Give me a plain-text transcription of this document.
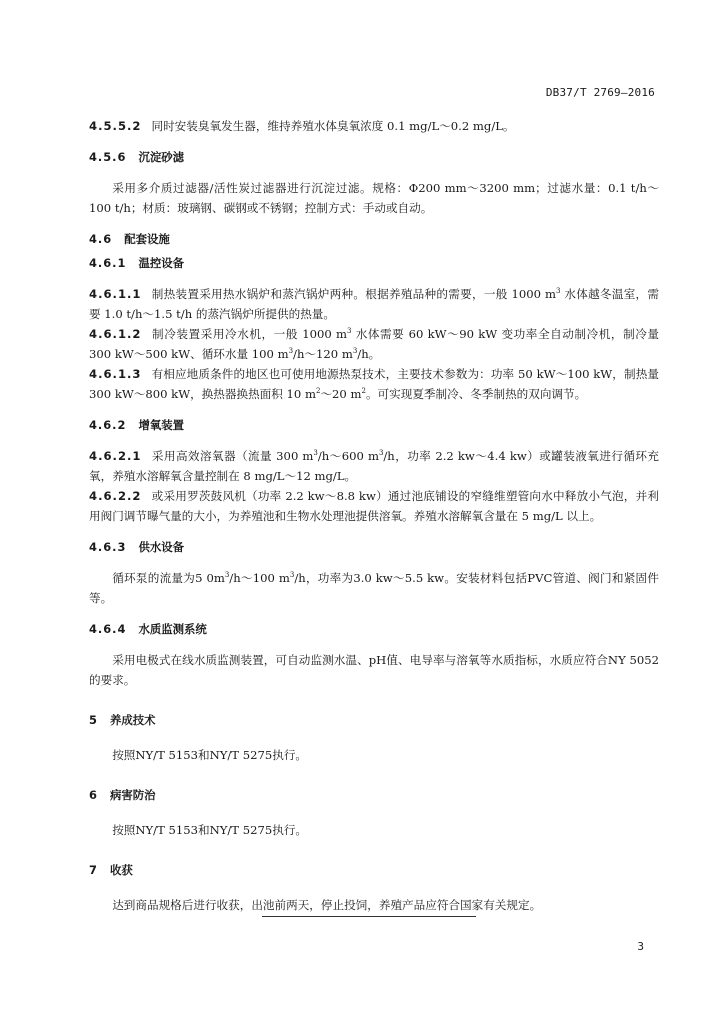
DB37/T 2769—2016

4.5.5.2 同时安装臭氧发生器，维持养殖水体臭氧浓度 0.1 mg/L～0.2 mg/L。

4.5.6 沉淀砂滤

采用多介质过滤器/活性炭过滤器进行沉淀过滤。规格：Φ200 mm～3200 mm；过滤水量：0.1 t/h～100 t/h；材质：玻璃钢、碳钢或不锈钢；控制方式：手动或自动。

4.6 配套设施

4.6.1 温控设备

4.6.1.1 制热装置采用热水锅炉和蒸汽锅炉两种。根据养殖品种的需要，一般 1000 $m^3$ 水体越冬温室，需要 1.0 t/h～1.5 t/h 的蒸汽锅炉所提供的热量。

4.6.1.2 制冷装置采用冷水机，一般 1000 $m^3$ 水体需要 60 kW～90 kW 变功率全自动制冷机，制冷量 300 kW～500 kW、循环水量 100 $m^3/h\sim 120$ $m^3/h$。

4.6.1.3 有相应地质条件的地区也可使用地源热泵技术，主要技术参数为：功率 50 kW～100 kW，制热量 300 kW～800 kW，换热器换热面积 10 $m^2\sim 20$ $m^2$。可实现夏季制冷、冬季制热的双向调节。

4.6.2 增氧装置

4.6.2.1 采用高效溶氧器（流量 300 $m^3/h\sim 600$ $m^3/h$，功率 2.2 kw～4.4 kw）或罐装液氧进行循环充氧，养殖水溶解氧含量控制在 8 mg/L～12 mg/L。

4.6.2.2 或采用罗茨鼓风机（功率 2.2 kw～8.8 kw）通过池底铺设的窄缝维塑管向水中释放小气泡，并利用阀门调节曝气量的大小，为养殖池和生物水处理池提供溶氧。养殖水溶解氧含量在 5 mg/L 以上。

4.6.3 供水设备

循环泵的流量为5 $0m^3/h\sim 100$ $m^3/h$，功率为3.0 kw～5.5 kw。安装材料包括PVC管道、阀门和紧固件等。

4.6.4 水质监测系统

采用电极式在线水质监测装置，可自动监测水温、pH值、电导率与溶氧等水质指标，水质应符合NY 5052的要求。

5 养成技术

按照NY/T 5153和NY/T 5275执行。

6 病害防治

按照NY/T 5153和NY/T 5275执行。

7 收获

达到商品规格后进行收获，出池前两天，停止投饲，养殖产品应符合国家有关规定。

3
